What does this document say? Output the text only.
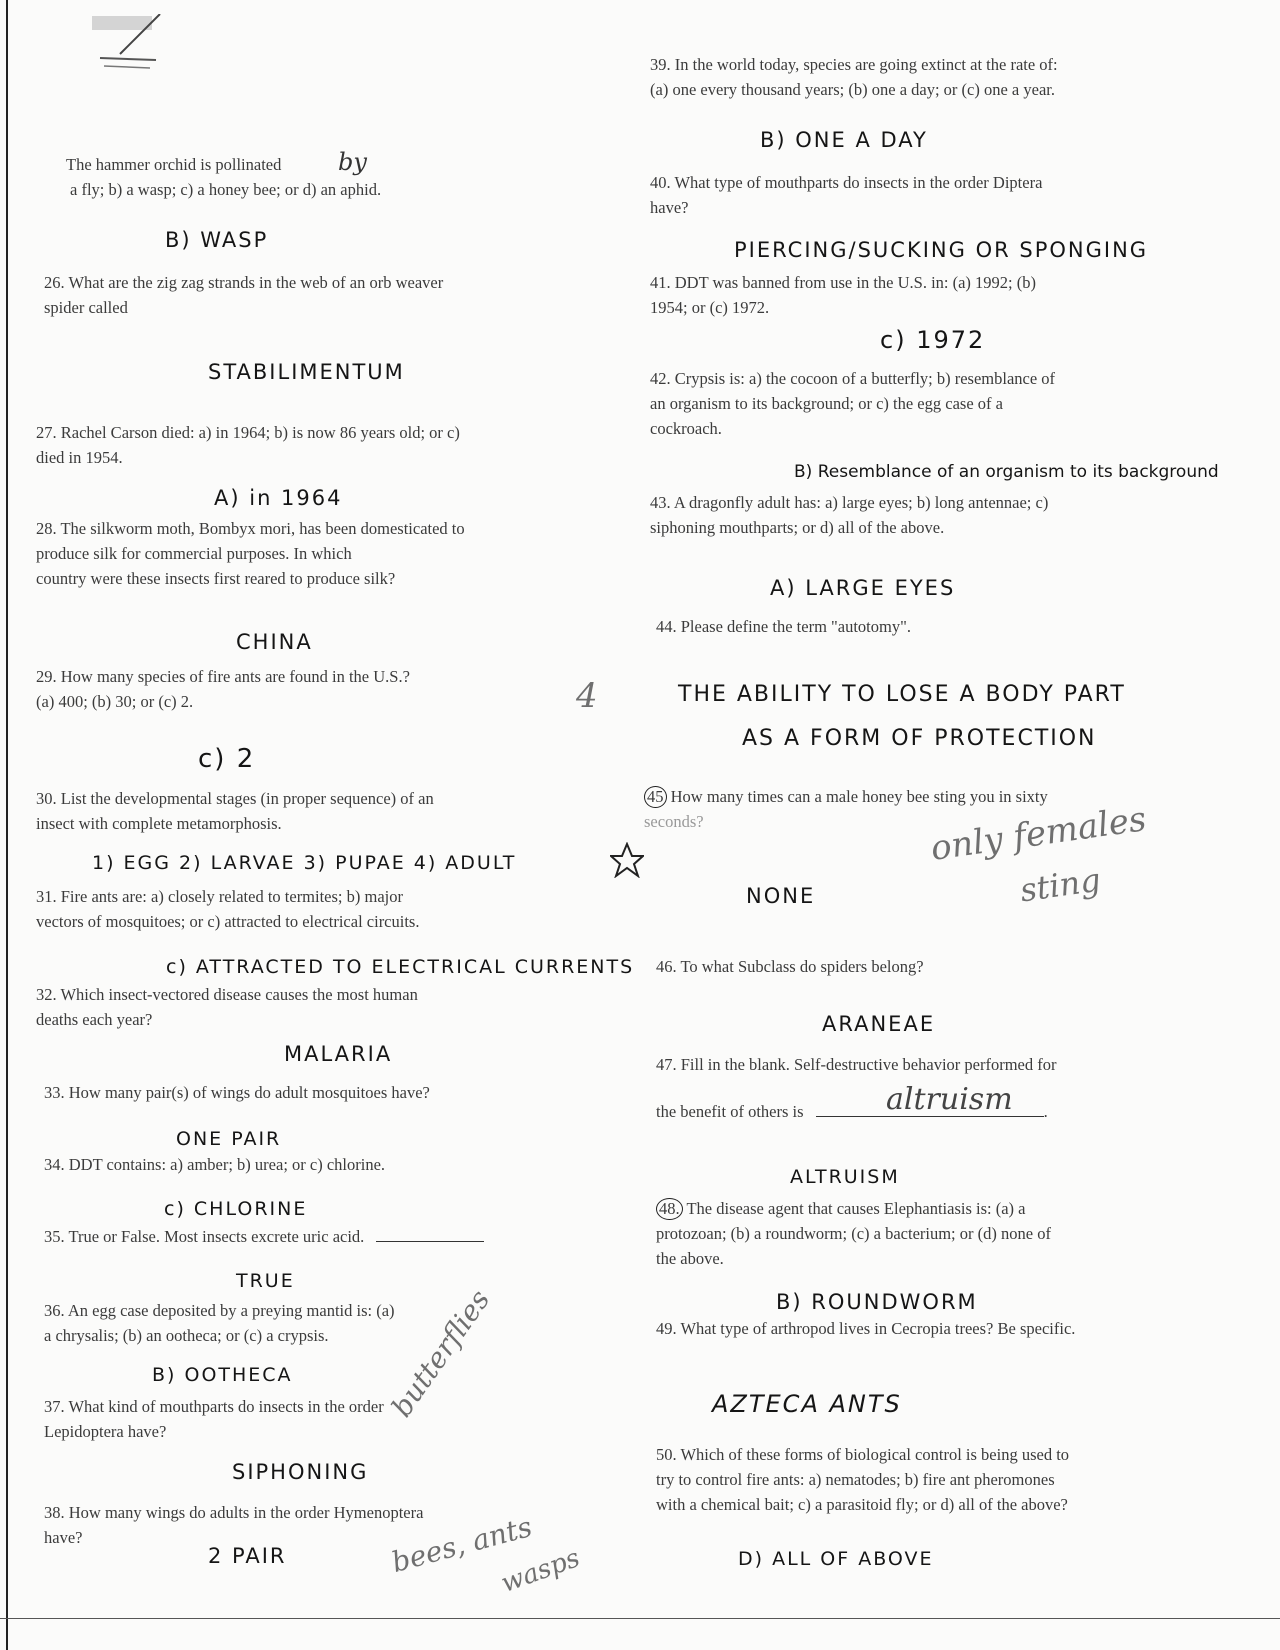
The hammer orchid is pollinated
a fly; b) a wasp; c) a honey bee; or d) an aphid.
by
B) WASP
26. What are the zig zag strands in the web of an orb weaver
spider called
STABILIMENTUM
27. Rachel Carson died: a) in 1964; b) is now 86 years old; or c)
died in 1954.
A) in 1964
28. The silkworm moth, Bombyx mori, has been domesticated to
produce silk for commercial purposes. In which
country were these insects first reared to produce silk?
CHINA
29. How many species of fire ants are found in the U.S.?
(a) 400; (b) 30; or (c) 2.	4
c) 2
30. List the developmental stages (in proper sequence) of an
insect with complete metamorphosis.
1) EGG 2) LARVAE 3) PUPAE 4) ADULT
31. Fire ants are: a) closely related to termites; b) major
vectors of mosquitoes; or c) attracted to electrical circuits.
c) ATTRACTED TO ELECTRICAL CURRENTS
32. Which insect-vectored disease causes the most human
deaths each year?
MALARIA
33. How many pair(s) of wings do adult mosquitoes have?
ONE PAIR
34. DDT contains: a) amber; b) urea; or c) chlorine.
c) CHLORINE
35. True or False. Most insects excrete uric acid.
TRUE
36. An egg case deposited by a preying mantid is: (a)
a chrysalis; (b) an ootheca; or (c) a crypsis.
B) OOTHECA
37. What kind of mouthparts do insects in the order
Lepidoptera have?
butterflies
SIPHONING
38. How many wings do adults in the order Hymenoptera
have?
2 PAIR	bees, ants
wasps
39. In the world today, species are going extinct at the rate of:
(a) one every thousand years; (b) one a day; or (c) one a year.
B) ONE A DAY
40. What type of mouthparts do insects in the order Diptera
have?
PIERCING/SUCKING OR SPONGING
41. DDT was banned from use in the U.S. in: (a) 1992; (b)
1954; or (c) 1972.
c) 1972
42. Crypsis is: a) the cocoon of a butterfly; b) resemblance of
an organism to its background; or c) the egg case of a
cockroach.
B) Resemblance of an organism to its background
43. A dragonfly adult has: a) large eyes; b) long antennae; c)
siphoning mouthparts; or d) all of the above.
A) LARGE EYES
44. Please define the term "autotomy".
THE ABILITY TO LOSE A BODY PART
AS A FORM OF PROTECTION
45 How many times can a male honey bee sting you in sixty
seconds?	only females
sting
NONE
46. To what Subclass do spiders belong?
ARANEAE
47. Fill in the blank. Self-destructive behavior performed for
the benefit of others is	.
altruism
ALTRUISM
48. The disease agent that causes Elephantiasis is: (a) a
protozoan; (b) a roundworm; (c) a bacterium; or (d) none of
the above.
B) ROUNDWORM
49. What type of arthropod lives in Cecropia trees? Be specific.
AZTECA ANTS
50. Which of these forms of biological control is being used to
try to control fire ants: a) nematodes; b) fire ant pheromones
with a chemical bait; c) a parasitoid fly; or d) all of the above?
D) ALL OF ABOVE
